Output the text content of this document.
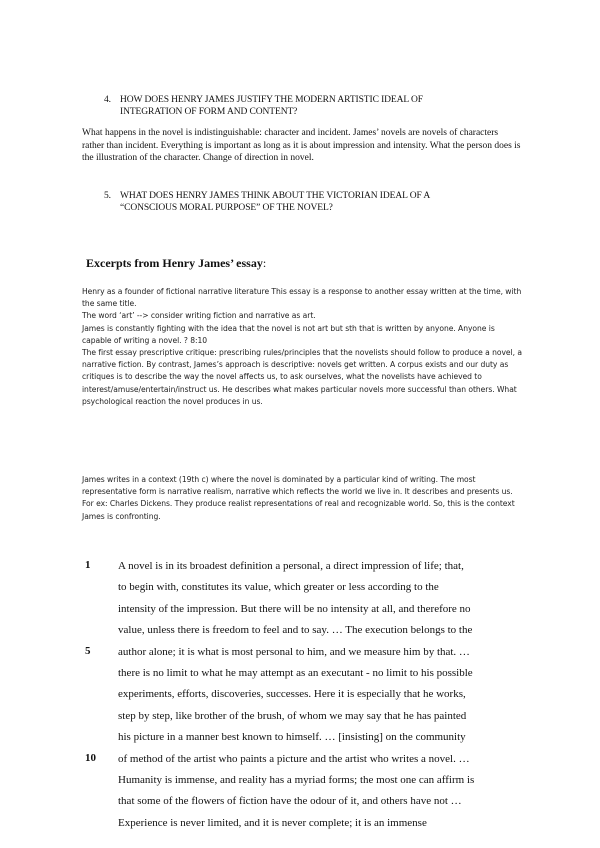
4. HOW DOES HENRY JAMES JUSTIFY THE MODERN ARTISTIC IDEAL OF
INTEGRATION OF FORM AND CONTENT?
What happens in the novel is indistinguishable: character and incident. James’ novels are novels of characters rather than incident. Everything is important as long as it is about impression and intensity. What the person does is the illustration of the character. Change of direction in novel.
5. WHAT DOES HENRY JAMES THINK ABOUT THE VICTORIAN IDEAL OF A
“CONSCIOUS MORAL PURPOSE” OF THE NOVEL?
Excerpts from Henry James’ essay:

Henry as a founder of fictional narrative literature This essay is a response to another essay written at the time, with the same title.

The word ‘art’ --> consider writing fiction and narrative as art.

James is constantly fighting with the idea that the novel is not art but sth that is written by anyone. Anyone is capable of writing a novel. ? 8:10

The first essay prescriptive critique: prescribing rules/principles that the novelists should follow to produce a novel, a narrative fiction. By contrast, James’s approach is descriptive: novels get written. A corpus exists and our duty as critiques is to describe the way the novel affects us, to ask ourselves, what the novelists have achieved to interest/amuse/entertain/instruct us. He describes what makes particular novels more successful than others. What psychological reaction the novel produces in us.

James writes in a context (19th c) where the novel is dominated by a particular kind of writing. The most representative form is narrative realism, narrative which reflects the world we live in. It describes and presents us. For ex: Charles Dickens. They produce realist representations of real and recognizable world. So, this is the context James is confronting.

1
5
10

A novel is in its broadest definition a personal, a direct impression of life; that,

to begin with, constitutes its value, which greater or less according to the

intensity of the impression. But there will be no intensity at all, and therefore no

value, unless there is freedom to feel and to say. … The execution belongs to the

author alone; it is what is most personal to him, and we measure him by that. …

there is no limit to what he may attempt as an executant - no limit to his possible

experiments, efforts, discoveries, successes. Here it is especially that he works,

step by step, like brother of the brush, of whom we may say that he has painted

his picture in a manner best known to himself. … [insisting] on the community

of method of the artist who paints a picture and the artist who writes a novel. …

Humanity is immense, and reality has a myriad forms; the most one can affirm is

that some of the flowers of fiction have the odour of it, and others have not …

Experience is never limited, and it is never complete; it is an immense
